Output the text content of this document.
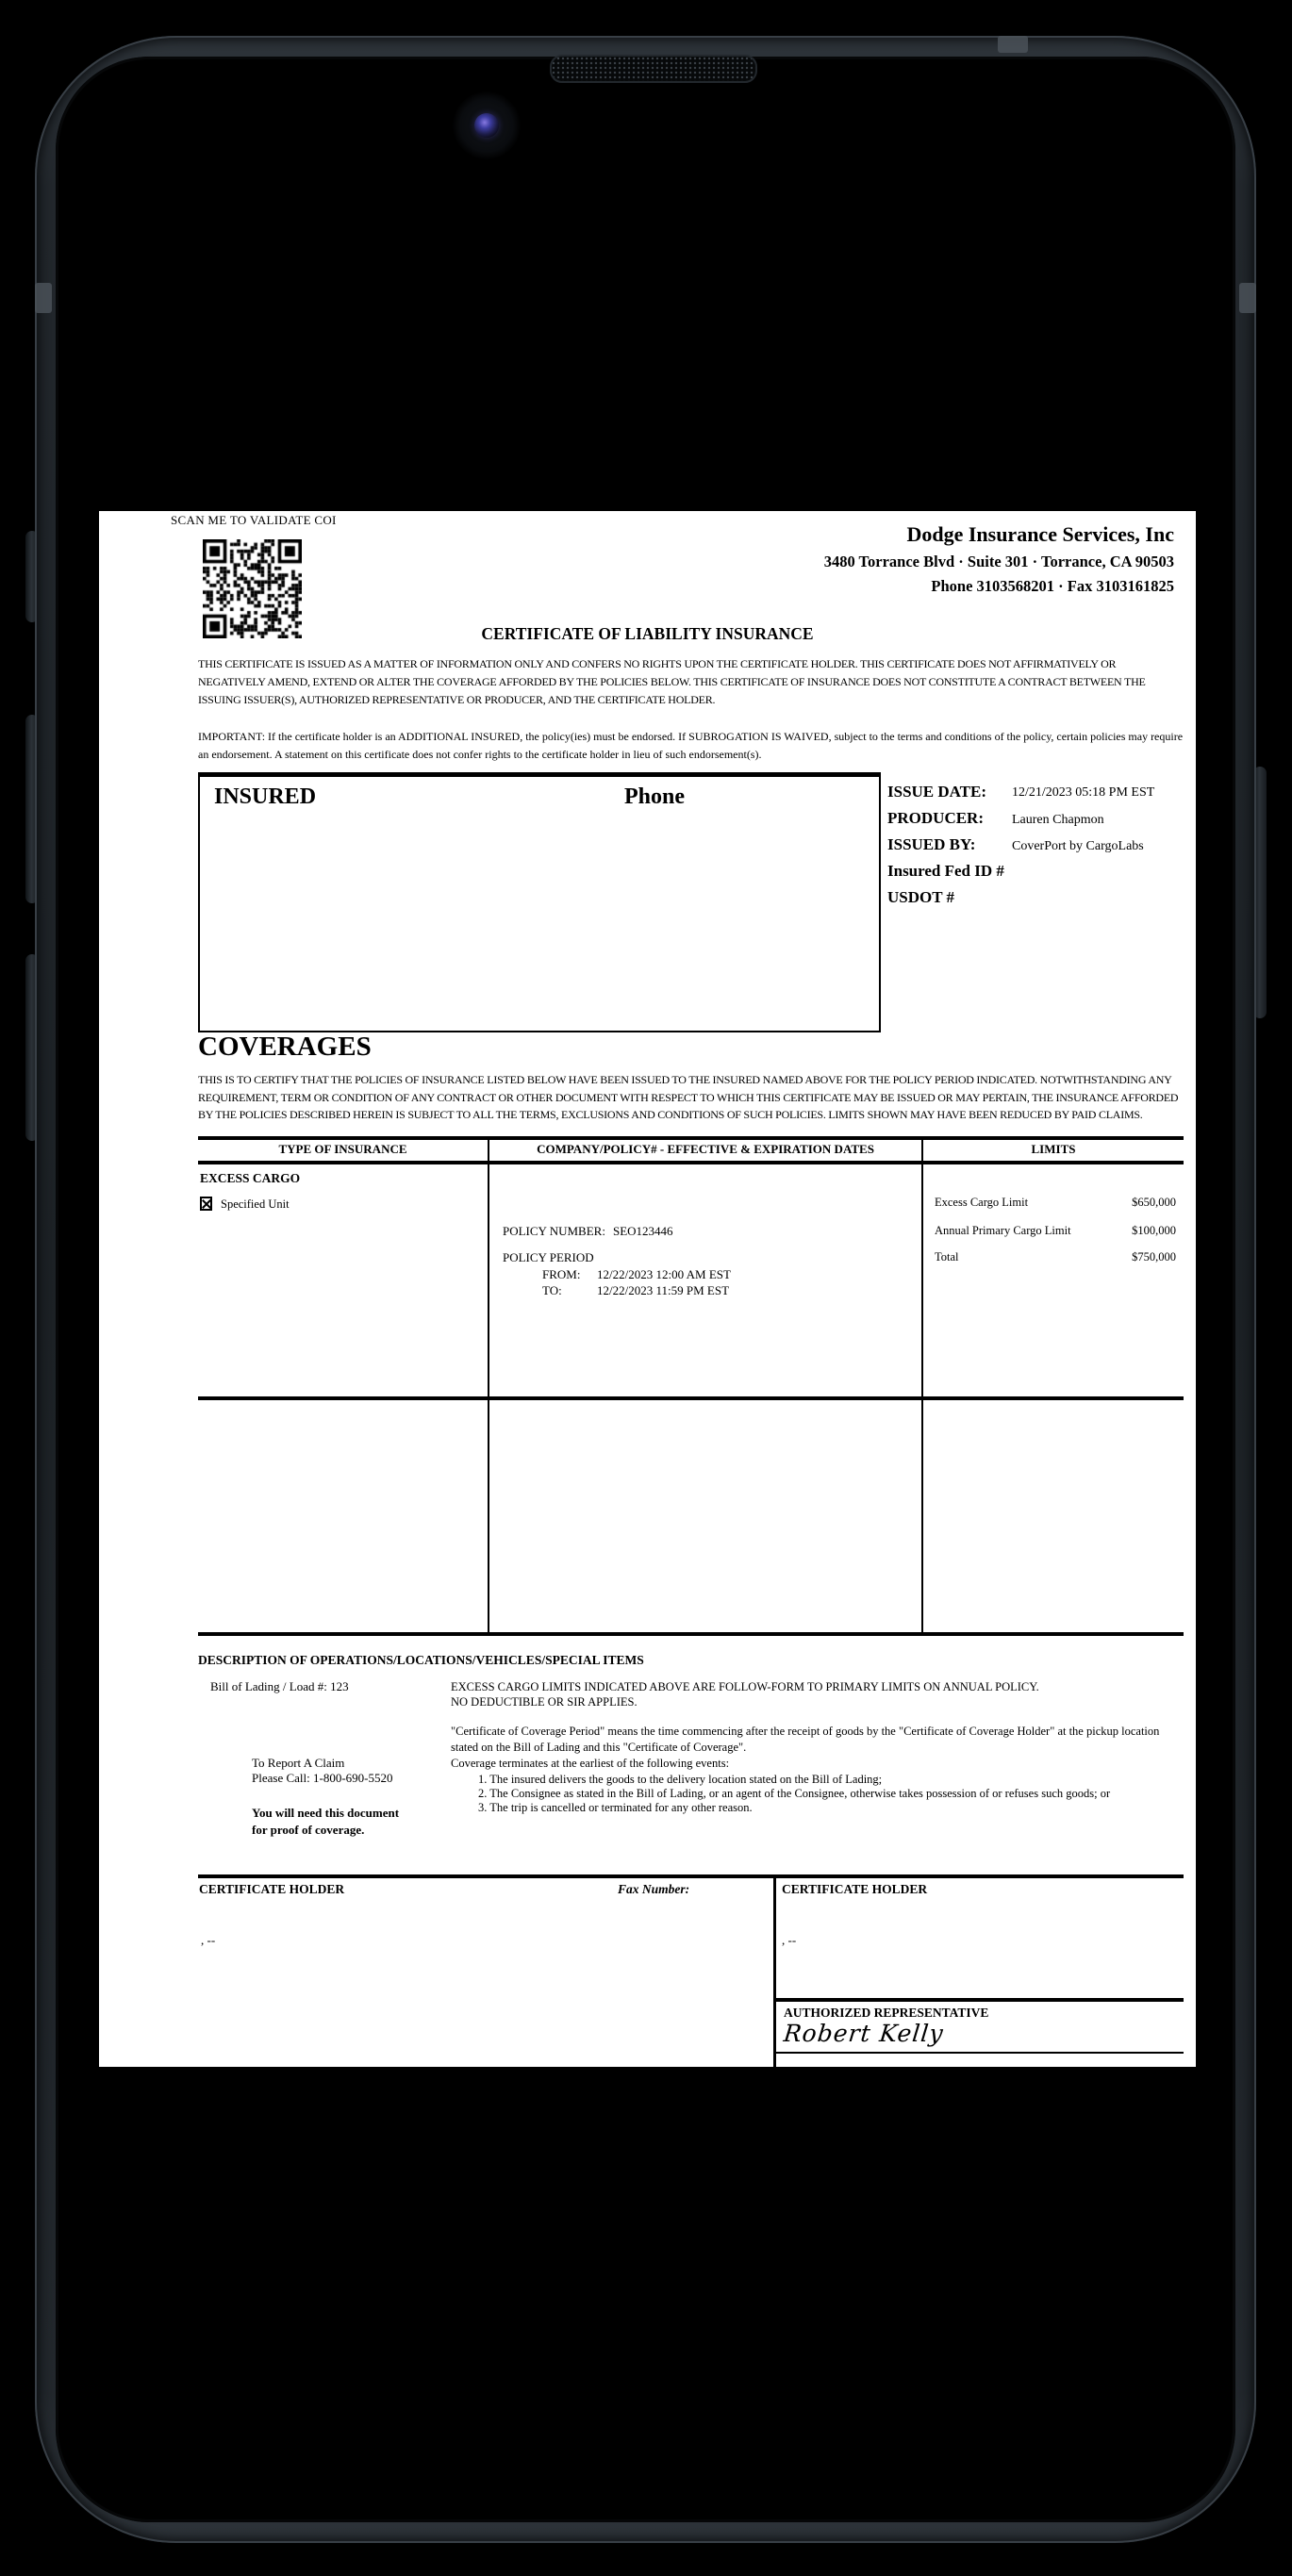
SCAN ME TO VALIDATE COI
Dodge Insurance Services, Inc
3480 Torrance Blvd · Suite 301 · Torrance, CA 90503
Phone 3103568201 · Fax 3103161825
CERTIFICATE OF LIABILITY INSURANCE
THIS CERTIFICATE IS ISSUED AS A MATTER OF INFORMATION ONLY AND CONFERS NO RIGHTS UPON THE CERTIFICATE HOLDER. THIS CERTIFICATE DOES NOT AFFIRMATIVELY OR NEGATIVELY AMEND, EXTEND OR ALTER THE COVERAGE AFFORDED BY THE POLICIES BELOW. THIS CERTIFICATE OF INSURANCE DOES NOT CONSTITUTE A CONTRACT BETWEEN THE ISSUING ISSUER(S), AUTHORIZED REPRESENTATIVE OR PRODUCER, AND THE CERTIFICATE HOLDER.
IMPORTANT: If the certificate holder is an ADDITIONAL INSURED, the policy(ies) must be endorsed. If SUBROGATION IS WAIVED, subject to the terms and conditions of the policy, certain policies may require an endorsement. A statement on this certificate does not confer rights to the certificate holder in lieu of such endorsement(s).
INSURED	Phone	ISSUE DATE: 12/21/2023 05:18 PM EST
PRODUCER: Lauren Chapmon
ISSUED BY:	CoverPort by CargoLabs
Insured Fed ID #
USDOT #
COVERAGES
THIS IS TO CERTIFY THAT THE POLICIES OF INSURANCE LISTED BELOW HAVE BEEN ISSUED TO THE INSURED NAMED ABOVE FOR THE POLICY PERIOD INDICATED. NOTWITHSTANDING ANY REQUIREMENT, TERM OR CONDITION OF ANY CONTRACT OR OTHER DOCUMENT WITH RESPECT TO WHICH THIS CERTIFICATE MAY BE ISSUED OR MAY PERTAIN, THE INSURANCE AFFORDED BY THE POLICIES DESCRIBED HEREIN IS SUBJECT TO ALL THE TERMS, EXCLUSIONS AND CONDITIONS OF SUCH POLICIES. LIMITS SHOWN MAY HAVE BEEN REDUCED BY PAID CLAIMS.
TYPE OF INSURANCE	COMPANY/POLICY# - EFFECTIVE & EXPIRATION DATES	LIMITS
EXCESS CARGO
Specified Unit
POLICY NUMBER: SEO123446
POLICY PERIOD
FROM: 12/22/2023 12:00 AM EST
TO:	12/22/2023 11:59 PM EST
Excess Cargo Limit	$650,000
Annual Primary Cargo Limit	$100,000
Total	$750,000
DESCRIPTION OF OPERATIONS/LOCATIONS/VEHICLES/SPECIAL ITEMS
Bill of Lading / Load #: 123	EXCESS CARGO LIMITS INDICATED ABOVE ARE FOLLOW-FORM TO PRIMARY LIMITS ON ANNUAL POLICY.
NO DEDUCTIBLE OR SIR APPLIES.
"Certificate of Coverage Period" means the time commencing after the receipt of goods by the "Certificate of Coverage Holder" at the pickup location stated on the Bill of Lading and this "Certificate of Coverage".
Coverage terminates at the earliest of the following events:
1. The insured delivers the goods to the delivery location stated on the Bill of Lading;
2. The Consignee as stated in the Bill of Lading, or an agent of the Consignee, otherwise takes possession of or refuses such goods; or
3. The trip is cancelled or terminated for any other reason.
To Report A Claim
Please Call: 1-800-690-5520
You will need this document
for proof of coverage.
CERTIFICATE HOLDER	Fax Number:	CERTIFICATE HOLDER
, --	, --
AUTHORIZED REPRESENTATIVE
Robert Kelly
